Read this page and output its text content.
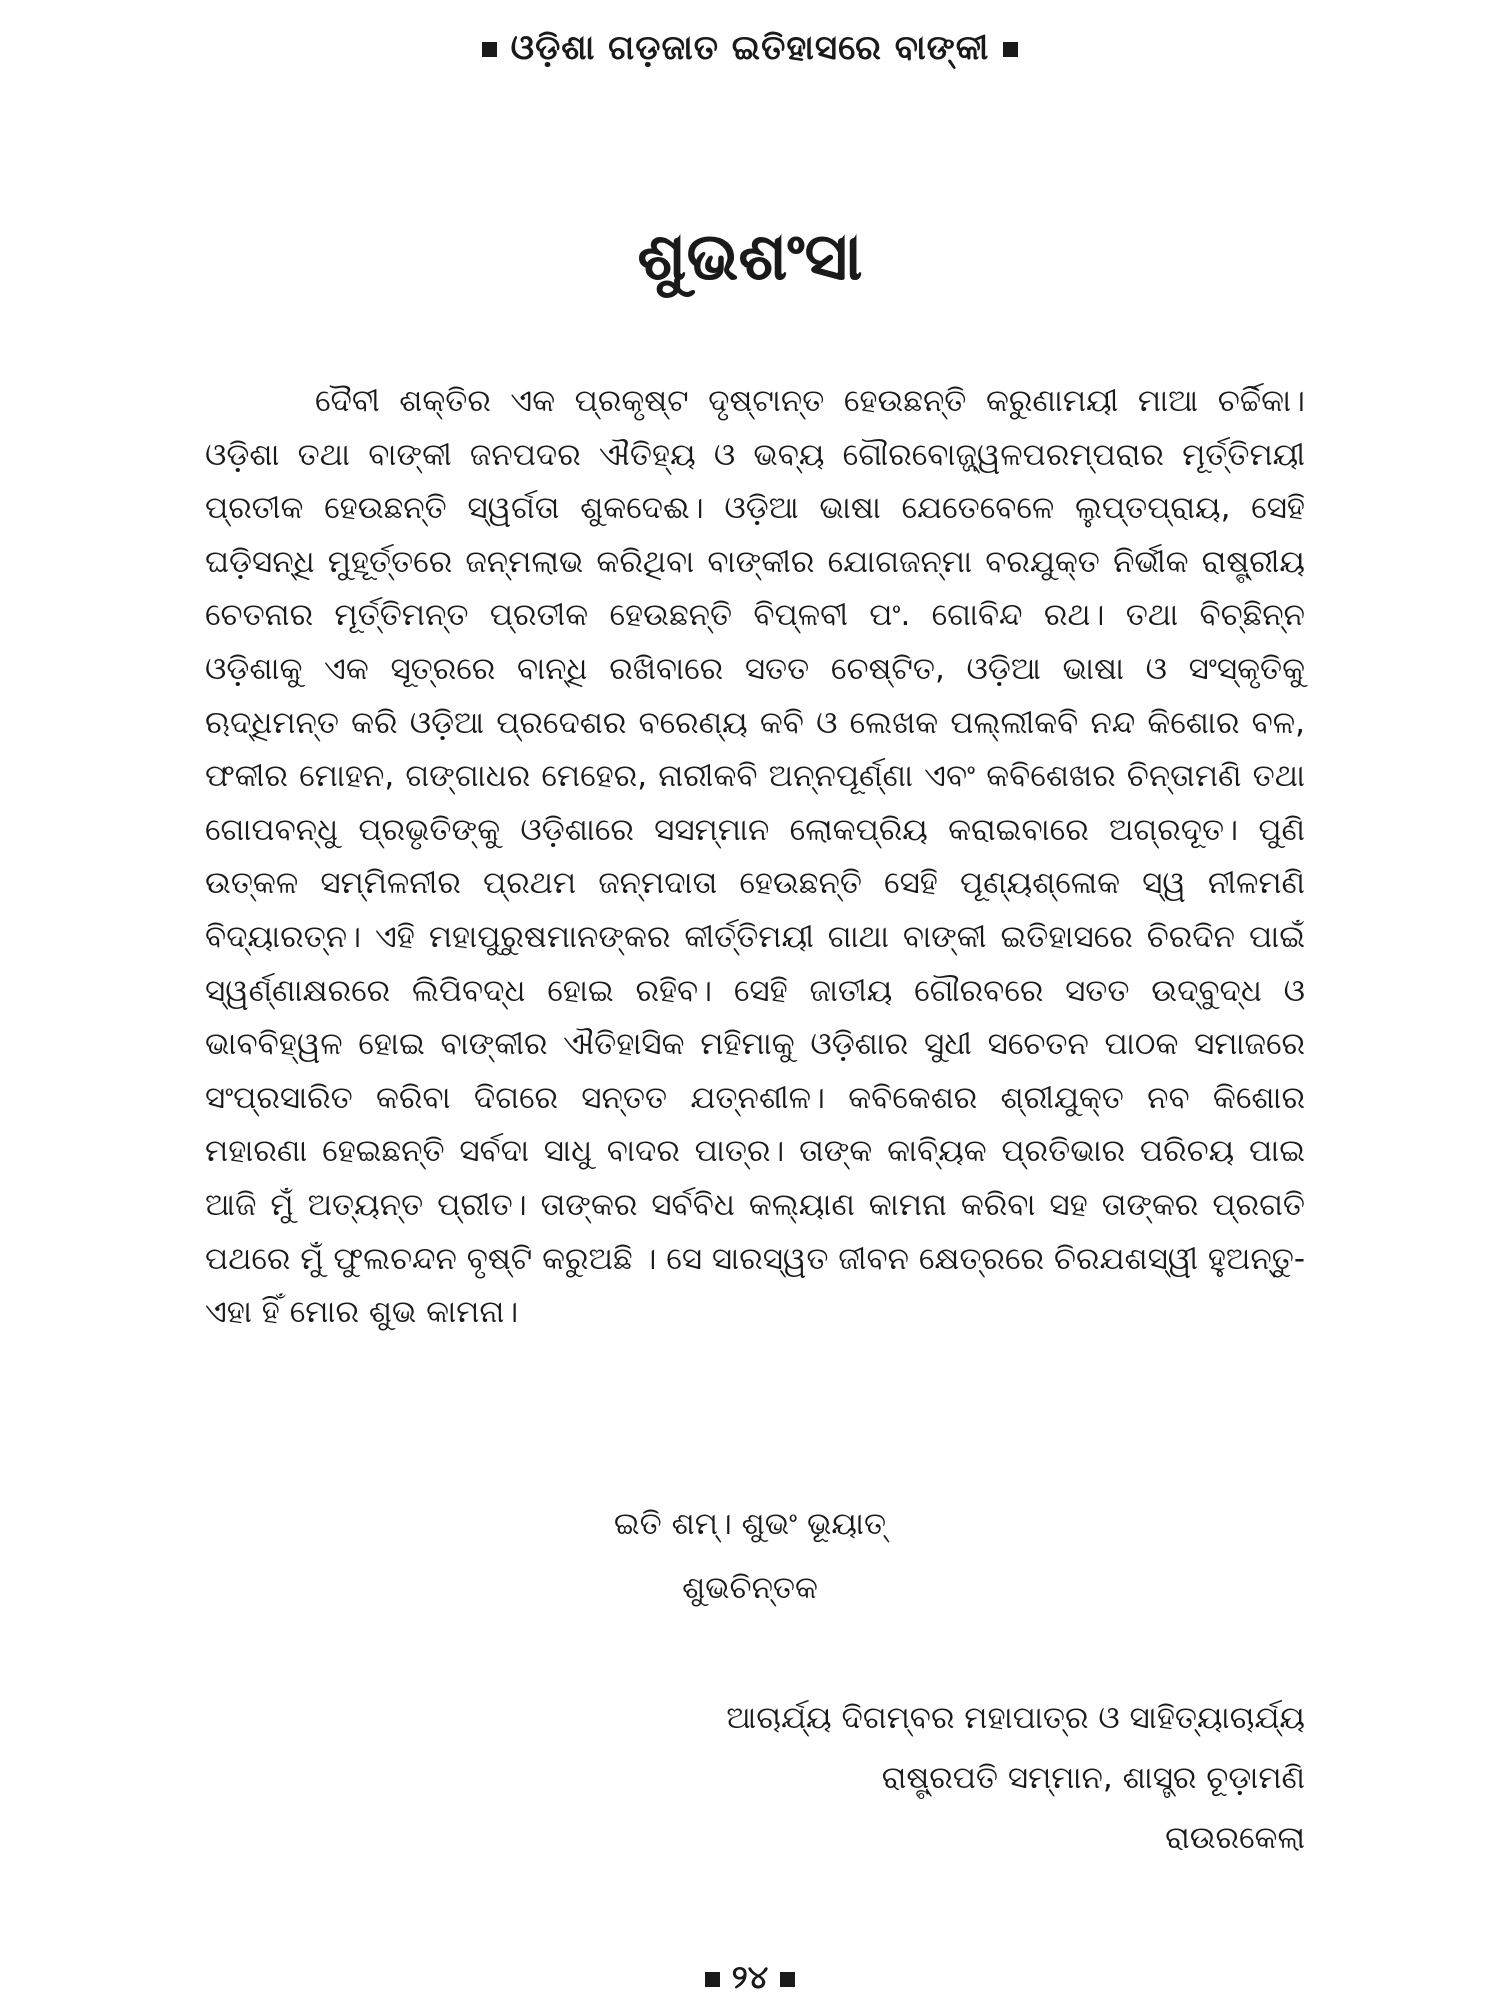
ଓଡ଼ିଶା ଗଡ଼ଜାତ ଇତିହାସରେ ବାଙ୍କୀ
ଶୁଭଶଂସା

ଦୈବୀ ଶକ୍ତିର ଏକ ପ୍ରକୃଷ୍ଟ ଦୃଷ୍ଟାନ୍ତ ହେଉଛନ୍ତି କରୁଣାମୟୀ ମାଆ ଚର୍ଚ୍ଚିକା। ଓଡ଼ିଶା ତଥା ବାଙ୍କୀ ଜନପଦର ଐତିହ୍ୟ ଓ ଭବ୍ୟ ଗୌରବୋଜ୍ଜ୍ୱଳପରମ୍ପରାର ମୂର୍ତ୍ତିମୟୀ ପ୍ରତୀକ ହେଉଛନ୍ତି ସ୍ୱର୍ଗତା ଶୁକଦେଈ। ଓଡ଼ିଆ ଭାଷା ଯେତେବେଳେ ଲୁପ୍ତପ୍ରାୟ, ସେହି ଘଡ଼ିସନ୍ଧି ମୁହୂର୍ତ୍ତରେ ଜନ୍ମଲାଭ କରିଥିବା ବାଙ୍କୀର ଯୋଗଜନ୍ମା ବରଯୁକ୍ତ ନିର୍ଭୀକ ରାଷ୍ଟ୍ରୀୟ ଚେତନାର ମୂର୍ତ୍ତିମନ୍ତ ପ୍ରତୀକ ହେଉଛନ୍ତି ବିପ୍ଳବୀ ପଂ. ଗୋବିନ୍ଦ ରଥ। ତଥା ବିଚ୍ଛିନ୍ନ ଓଡ଼ିଶାକୁ ଏକ ସୂତ୍ରରେ ବାନ୍ଧି ରଖିବାରେ ସତତ ଚେଷ୍ଟିତ, ଓଡ଼ିଆ ଭାଷା ଓ ସଂସ୍କୃତିକୁ ଋଦ୍ଧିମନ୍ତ କରି ଓଡ଼ିଆ ପ୍ରଦେଶର ବରେଣ୍ୟ କବି ଓ ଲେଖକ ପଲ୍ଲୀକବି ନନ୍ଦ କିଶୋର ବଳ, ଫକୀର ମୋହନ, ଗଙ୍ଗାଧର ମେହେର, ନାରୀକବି ଅନ୍ନପୂର୍ଣ୍ଣା ଏବଂ କବିଶେଖର ଚିନ୍ତାମଣି ତଥା ଗୋପବନ୍ଧୁ ପ୍ରଭୃତିଙ୍କୁ ଓଡ଼ିଶାରେ ସସମ୍ମାନ ଲୋକପ୍ରିୟ କରାଇବାରେ ଅଗ୍ରଦୂତ। ପୁଣି ଉତ୍କଳ ସମ୍ମିଳନୀର ପ୍ରଥମ ଜନ୍ମଦାତା ହେଉଛନ୍ତି ସେହି ପୂଣ୍ୟଶ୍ଳୋକ ସ୍ୱ ନୀଳମଣି ବିଦ୍ୟାରତ୍ନ। ଏହି ମହାପୁରୁଷମାନଙ୍କର କୀର୍ତ୍ତିମୟୀ ଗାଥା ବାଙ୍କୀ ଇତିହାସରେ ଚିରଦିନ ପାଇଁ ସ୍ୱର୍ଣ୍ଣାକ୍ଷରରେ ଲିପିବଦ୍ଧ ହୋଇ ରହିବ। ସେହି ଜାତୀୟ ଗୌରବରେ ସତତ ଉଦ୍‌ବୁଦ୍ଧ ଓ ଭାବବିହ୍ୱଳ ହୋଇ ବାଙ୍କୀର ଐତିହାସିକ ମହିମାକୁ ଓଡ଼ିଶାର ସୁଧୀ ସଚେତନ ପାଠକ ସମାଜରେ ସଂପ୍ରସାରିତ କରିବା ଦିଗରେ ସନ୍ତତ ଯତ୍ନଶୀଳ। କବିକେଶର ଶ୍ରୀଯୁକ୍ତ ନବ କିଶୋର ମହାରଣା ହେଇଛନ୍ତି ସର୍ବଦା ସାଧୁ ବାଦର ପାତ୍ର। ତାଙ୍କ କାବ୍ୟିକ ପ୍ରତିଭାର ପରିଚୟ ପାଇ ଆଜି ମୁଁ ଅତ୍ୟନ୍ତ ପ୍ରୀତ। ତାଙ୍କର ସର୍ବବିଧ କଲ୍ୟାଣ କାମନା କରିବା ସହ ତାଙ୍କର ପ୍ରଗତି ପଥରେ ମୁଁ ଫୁଲଚନ୍ଦନ ବୃଷ୍ଟି କରୁଅଛି । ସେ ସାରସ୍ୱତ ଜୀବନ କ୍ଷେତ୍ରରେ ଚିରଯଶସ୍ୱୀ ହୁଅନ୍ତୁ-ଏହା ହିଁ ମୋର ଶୁଭ କାମନା।

ଇତି ଶମ୍। ଶୁଭଂ ଭୂୟାତ୍
ଶୁଭଚିନ୍ତକ
ଆଚାର୍ଯ୍ୟ ଦିଗମ୍ବର ମହାପାତ୍ର ଓ ସାହିତ୍ୟାଚାର୍ଯ୍ୟ
ରାଷ୍ଟ୍ରପତି ସମ୍ମାନ, ଶାସ୍ତ୍ର ଚୂଡ଼ାମଣି
ରାଉରକେଲା
୨୪
